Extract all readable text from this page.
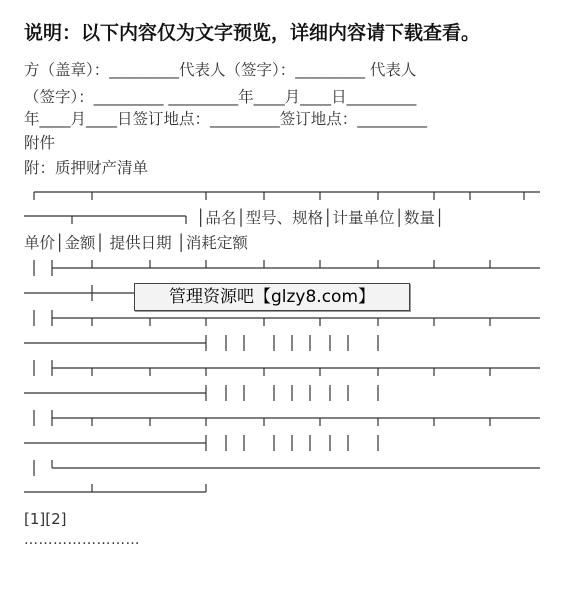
说明：以下内容仅为文字预览，详细内容请下载查看。
方（盖章）：_________代表人（签字）：_________ 代表人
（签字）：_________ _________年____月____日_________
年____月____日签订地点：_________签订地点：_________
附件
附：质押财产清单
│品名│型号、规格│计量单位│数量│
单价│金额│ 提供日期 │消耗定额
管理资源吧【glzy8.com】
[1][2]
……………………
